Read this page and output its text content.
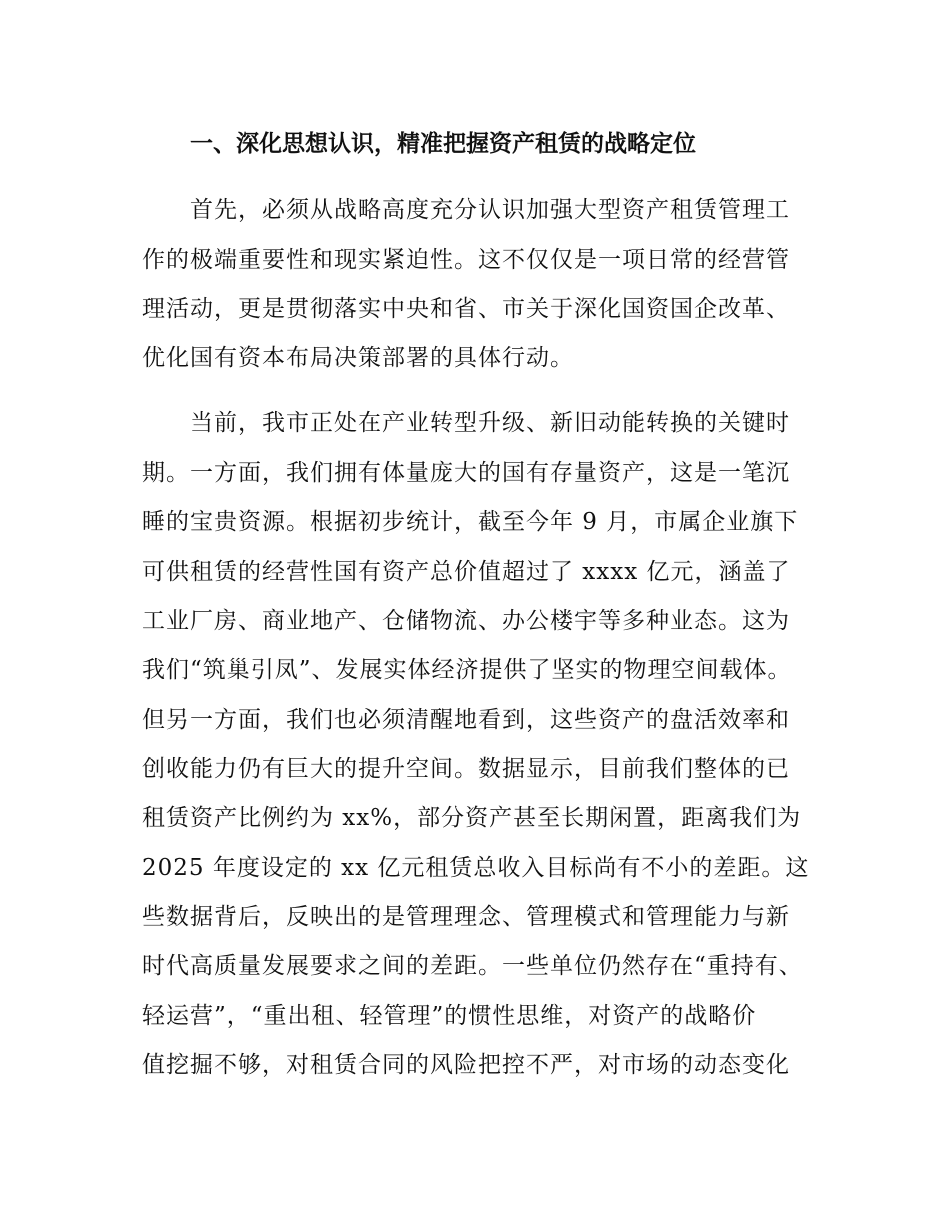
一、深化思想认识，精准把握资产租赁的战略定位
首先，必须从战略高度充分认识加强大型资产租赁管理工
作的极端重要性和现实紧迫性。这不仅仅是一项日常的经营管
理活动，更是贯彻落实中央和省、市关于深化国资国企改革、
优化国有资本布局决策部署的具体行动。
当前，我市正处在产业转型升级、新旧动能转换的关键时
期。一方面，我们拥有体量庞大的国有存量资产，这是一笔沉
睡的宝贵资源。根据初步统计，截至今年 9 月，市属企业旗下
可供租赁的经营性国有资产总价值超过了 xxxx 亿元，涵盖了
工业厂房、商业地产、仓储物流、办公楼宇等多种业态。这为
我们“筑巢引凤”、发展实体经济提供了坚实的物理空间载体。
但另一方面，我们也必须清醒地看到，这些资产的盘活效率和
创收能力仍有巨大的提升空间。数据显示，目前我们整体的已
租赁资产比例约为 xx%，部分资产甚至长期闲置，距离我们为
2025 年度设定的 xx 亿元租赁总收入目标尚有不小的差距。这
些数据背后，反映出的是管理理念、管理模式和管理能力与新
时代高质量发展要求之间的差距。一些单位仍然存在“重持有、
轻运营”，“重出租、轻管理”的惯性思维，对资产的战略价
值挖掘不够，对租赁合同的风险把控不严，对市场的动态变化
